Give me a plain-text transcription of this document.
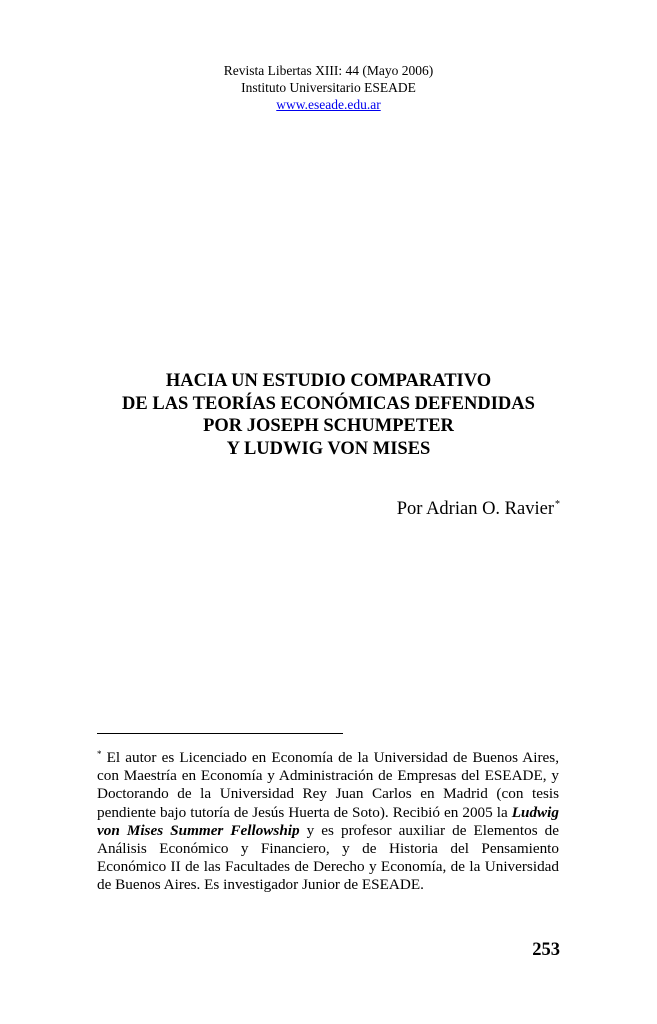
Revista Libertas XIII: 44 (Mayo 2006)
Instituto Universitario ESEADE
www.eseade.edu.ar
HACIA UN ESTUDIO COMPARATIVO
DE LAS TEORÍAS ECONÓMICAS DEFENDIDAS
POR JOSEPH SCHUMPETER
Y LUDWIG VON MISES
Por Adrian O. Ravier*

* El autor es Licenciado en Economía de la Universidad de Buenos Aires, con Maestría en Economía y Administración de Empresas del ESEADE, y Doctorando de la Universidad Rey Juan Carlos en Madrid (con tesis pendiente bajo tutoría de Jesús Huerta de Soto). Recibió en 2005 la Ludwig von Mises Summer Fellowship y es profesor auxiliar de Elementos de Análisis Económico y Financiero, y de Historia del Pensamiento Económico II de las Facultades de Derecho y Economía, de la Universidad de Buenos Aires. Es investigador Junior de ESEADE.

253
